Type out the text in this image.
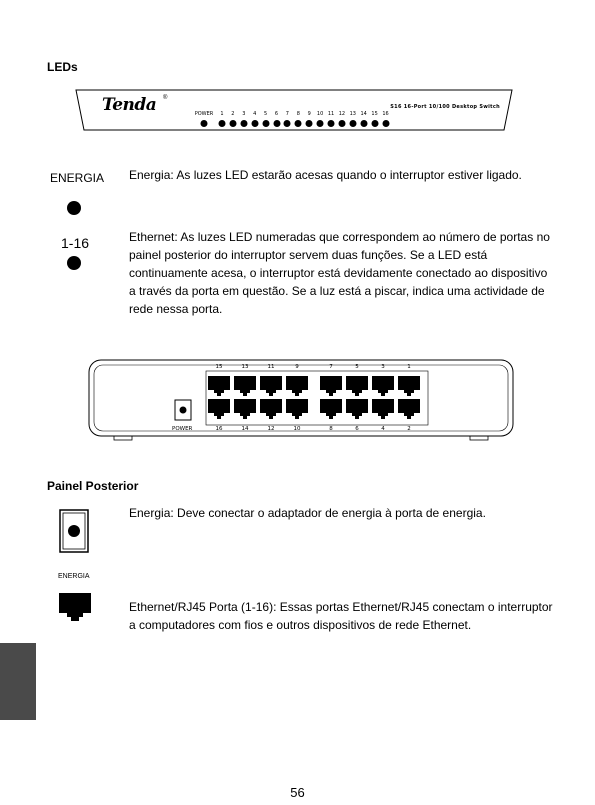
LEDs
Tenda ®
S16 16-Port 10/100 Desktop Switch
POWER 1 2 3 4 5 6 7 8 9 10 11 12 13 14 15 16
ENERGIA Energia: As luzes LED estarão acesas quando o interruptor estiver ligado.
1-16	Ethernet: As luzes LED numeradas que correspondem ao número de portas no
painel posterior do interruptor servem duas funções. Se a LED está
continuamente acesa, o interruptor está devidamente conectado ao dispositivo
a través da porta em questão. Se a luz está a piscar, indica uma actividade de
rede nessa porta.
POWER
15
16
13
14
11
12
9
10
7
8
5
6
3
4
1
2
Painel Posterior
Energia: Deve conectar o adaptador de energia à porta de energia.
ENERGIA
Ethernet/RJ45 Porta (1-16): Essas portas Ethernet/RJ45 conectam o interruptor
a computadores com fios e outros dispositivos de rede Ethernet.
56
